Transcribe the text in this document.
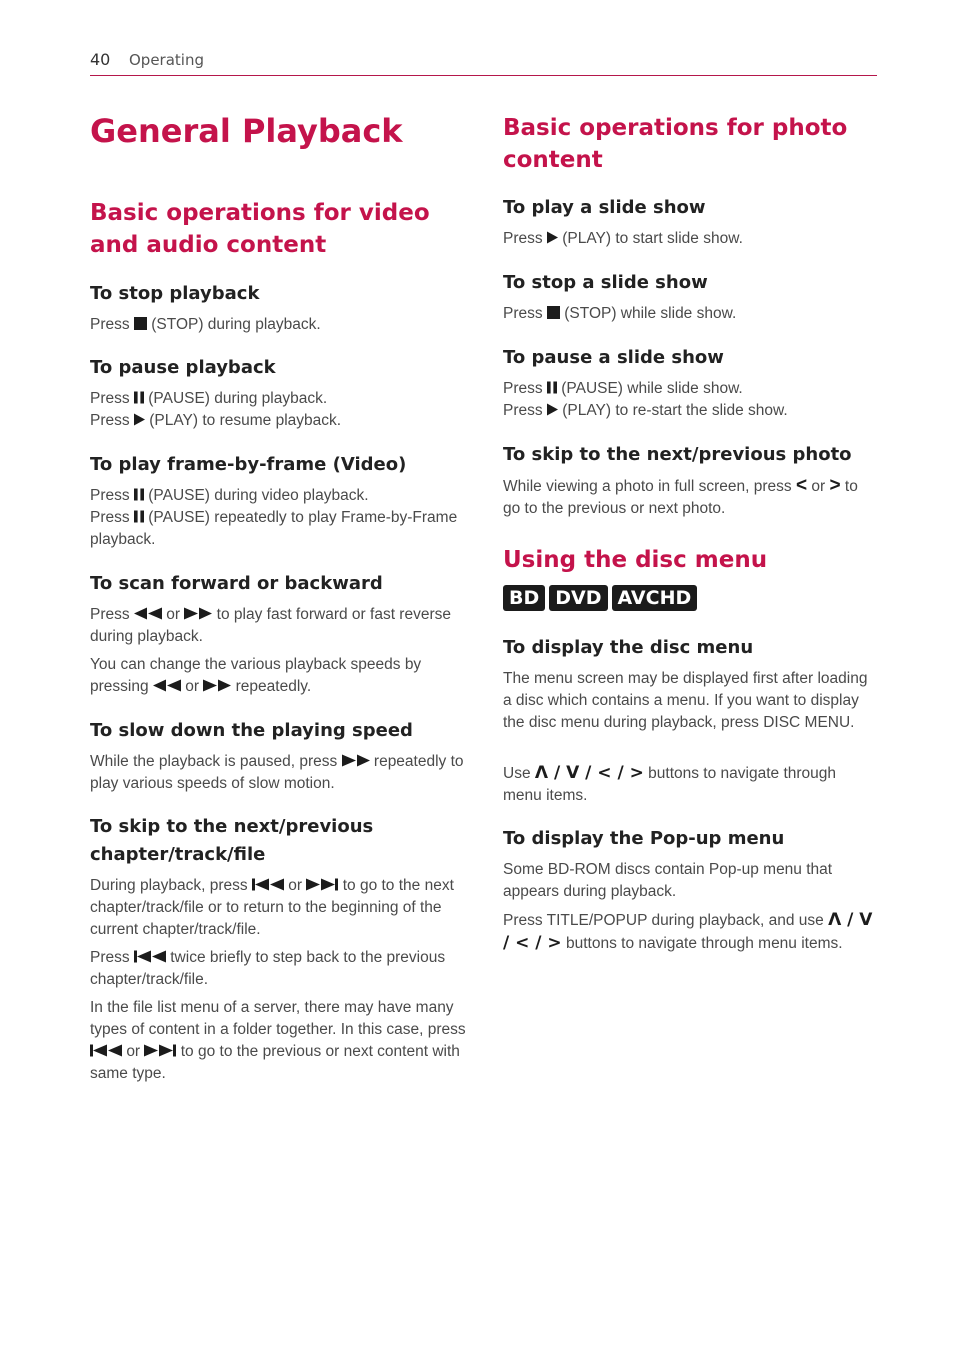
40 Operating
General Playback
Basic operations for video and audio content
To stop playback
Press (STOP) during playback.
To pause playback
Press (PAUSE) during playback.
Press (PLAY) to resume playback.
To play frame-by-frame (Video)
Press (PAUSE) during video playback.
Press (PAUSE) repeatedly to play Frame-by-Frame playback.
To scan forward or backward
Press or to play fast forward or fast reverse during playback.
You can change the various playback speeds by pressing or repeatedly.
To slow down the playing speed
While the playback is paused, press repeatedly to play various speeds of slow motion.
To skip to the next/previous chapter/track/file
During playback, press	or	to go to the next chapter/track/file or to return to the beginning of the current chapter/track/file.
Press	twice briefly to step back to the previous chapter/track/file.
In the file list menu of a server, there may have many types of content in a folder together. In this case, press  or	to go to the previous or next content with same type.
Basic operations for photo content
To play a slide show
Press (PLAY) to start slide show.
To stop a slide show
Press (STOP) while slide show.
To pause a slide show
Press (PAUSE) while slide show.
Press (PLAY) to re-start the slide show.
To skip to the next/previous photo
While viewing a photo in full screen, press < or > to go to the previous or next photo.
Using the disc menu
BD DVD AVCHD
To display the disc menu
The menu screen may be displayed first after loading a disc which contains a menu. If you want to display the disc menu during playback, press DISC MENU.
Use Λ / V / < / > buttons to navigate through menu items.
To display the Pop-up menu
Some BD-ROM discs contain Pop-up menu that appears during playback.
Press TITLE/POPUP during playback, and use Λ / V / < / > buttons to navigate through menu items.
